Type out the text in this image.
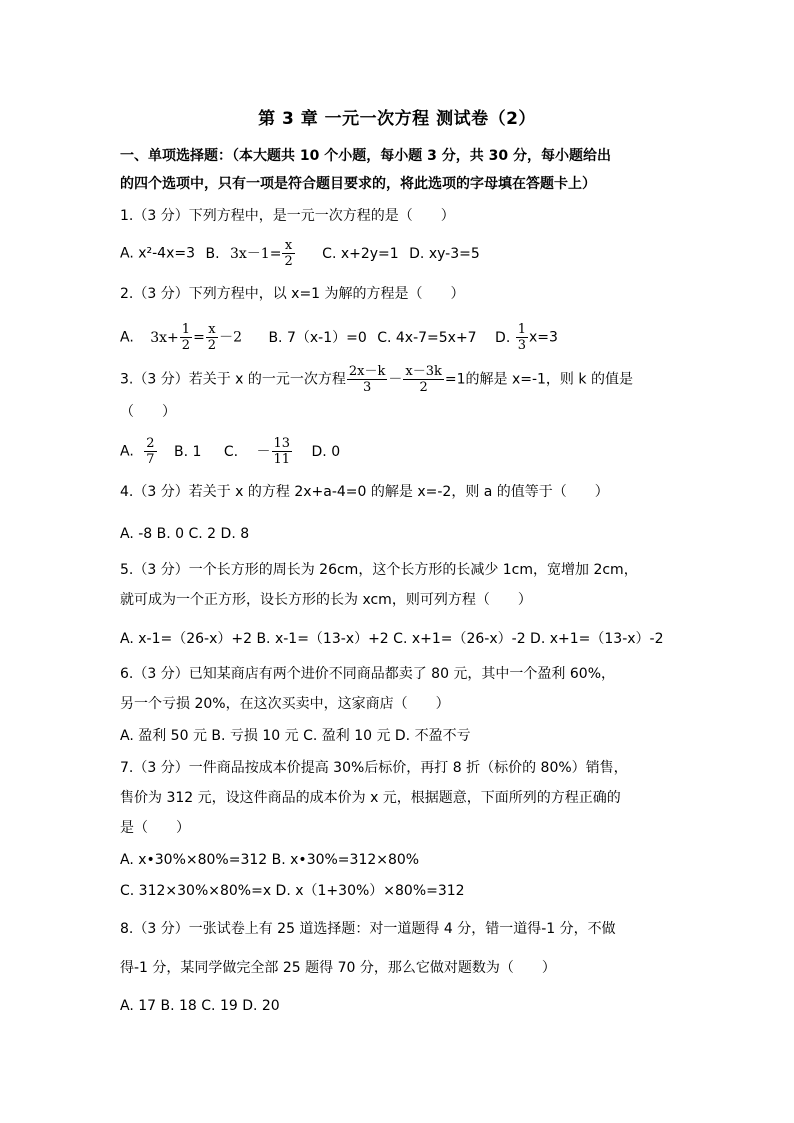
第 3 章 一元一次方程 测试卷（2）
一、单项选择题：（本大题共 10 个小题，每小题 3 分，共 30 分，每小题给出
的四个选项中，只有一项是符合题目要求的，将此选项的字母填在答题卡上）
1.（3 分）下列方程中，是一元一次方程的是（　　）
A. x²-4x=3 B. $3x-1= \frac{x}{2} C$. x+2y=1 D. xy-3=5
2.（3 分）下列方程中，以 x=1 为解的方程是（　　）
A. $3x+ \frac{1}{2} = \frac{x}{2} -2$ B. 7（x-1）=0 C. 4x-7=5x+7 D. $\frac{1}{3} x=3$
3.（3 分）若关于 x 的一元一次方程 $\frac{2x-k}{3} - \frac{x-3k}{2} =1$的解是 x=-1，则 k 的值是
（　　）
A. $\frac{2}{7} B$. 1 C. － $\frac{13}{11} D$. 0
4.（3 分）若关于 x 的方程 2x+a-4=0 的解是 x=-2，则 a 的值等于（　　）
A. -8 B. 0 C. 2 D. 8
5.（3 分）一个长方形的周长为 26cm，这个长方形的长减少 1cm，宽增加 2cm，
就可成为一个正方形，设长方形的长为 xcm，则可列方程（　　）
A. x-1=（26-x）+2 B. x-1=（13-x）+2 C. x+1=（26-x）-2 D. x+1=（13-x）-2
6.（3 分）已知某商店有两个进价不同商品都卖了 80 元，其中一个盈利 60%，
另一个亏损 20%，在这次买卖中，这家商店（　　）
A. 盈利 50 元 B. 亏损 10 元 C. 盈利 10 元 D. 不盈不亏
7.（3 分）一件商品按成本价提高 30%后标价，再打 8 折（标价的 80%）销售，
售价为 312 元，设这件商品的成本价为 x 元，根据题意，下面所列的方程正确的
是（　　）
A. x•30%×80%=312 B. x•30%=312×80%
C. 312×30%×80%=x D. x（1+30%）×80%=312
8.（3 分）一张试卷上有 25 道选择题：对一道题得 4 分，错一道得-1 分，不做
得-1 分，某同学做完全部 25 题得 70 分，那么它做对题数为（　　）
A. 17 B. 18 C. 19 D. 20
